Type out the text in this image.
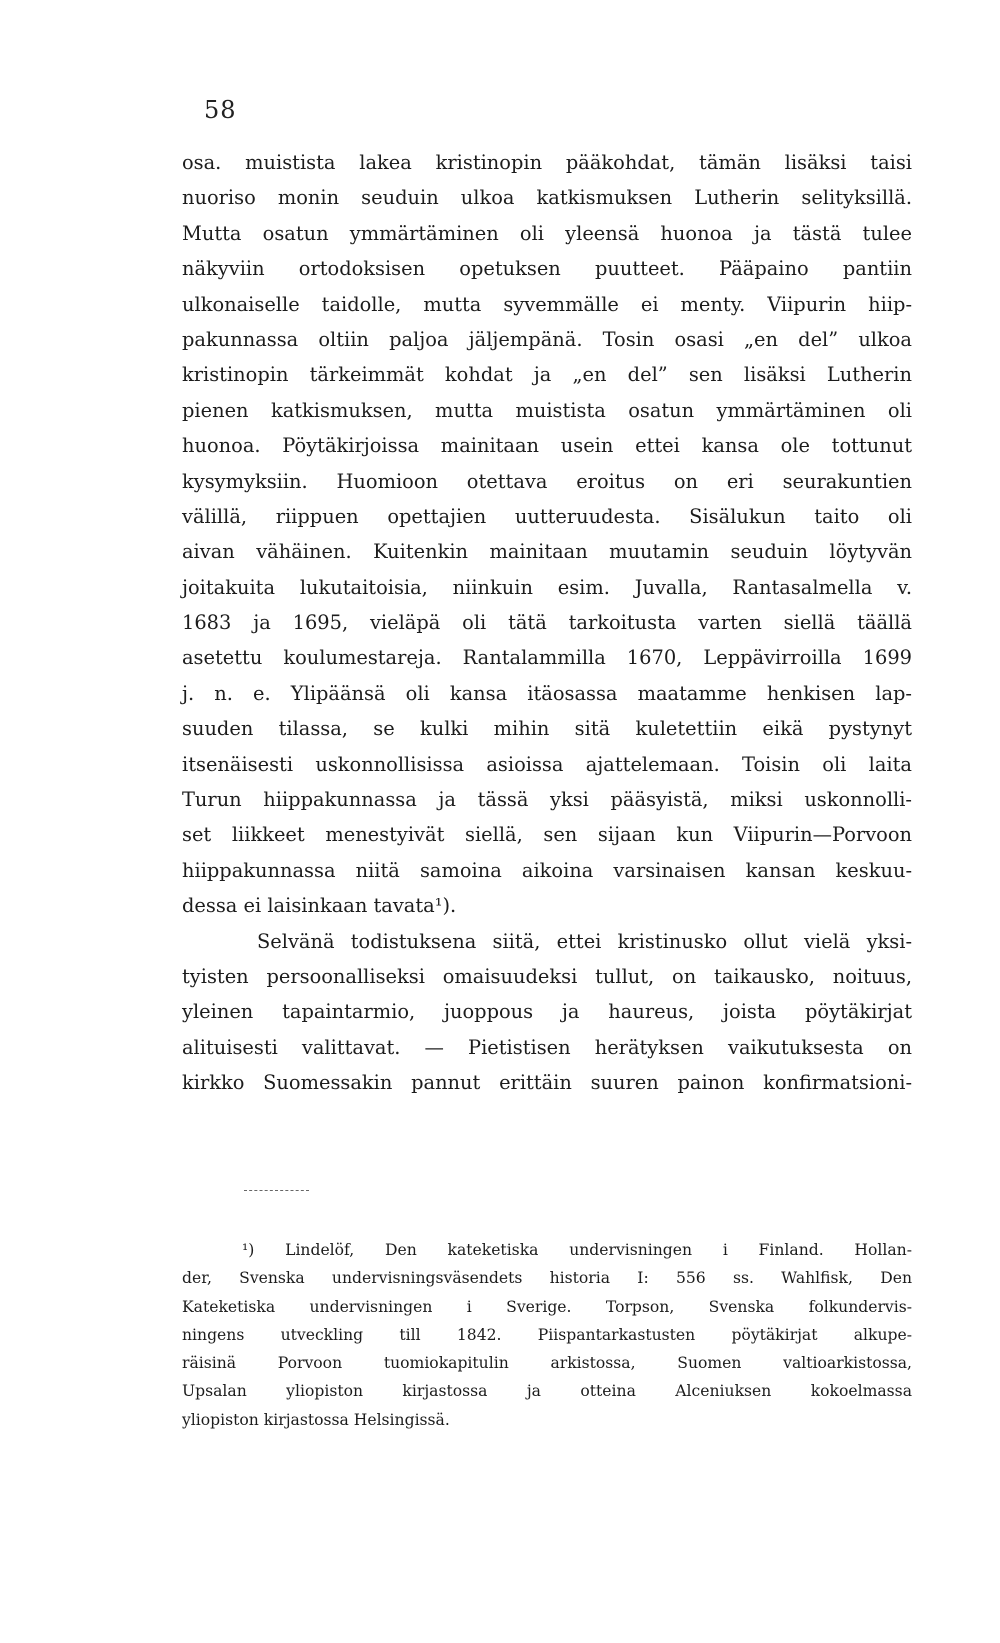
58
osa. muistista lakea kristinopin pääkohdat, tämän lisäksi taisi
nuoriso monin seuduin ulkoa katkismuksen Lutherin selityksillä.
Mutta osatun ymmärtäminen oli yleensä huonoa ja tästä tulee
näkyviin ortodoksisen opetuksen puutteet. Pääpaino pantiin
ulkonaiselle taidolle, mutta syvemmälle ei menty. Viipurin hiip-
pakunnassa oltiin paljoa jäljempänä. Tosin osasi „en del” ulkoa
kristinopin tärkeimmät kohdat ja „en del” sen lisäksi Lutherin
pienen katkismuksen, mutta muistista osatun ymmärtäminen oli
huonoa. Pöytäkirjoissa mainitaan usein ettei kansa ole tottunut
kysymyksiin. Huomioon otettava eroitus on eri seurakuntien
välillä, riippuen opettajien uutteruudesta. Sisälukun taito oli
aivan vähäinen. Kuitenkin mainitaan muutamin seuduin löytyvän
joitakuita lukutaitoisia, niinkuin esim. Juvalla, Rantasalmella v.
1683 ja 1695, vieläpä oli tätä tarkoitusta varten siellä täällä
asetettu koulumestareja. Rantalammilla 1670, Leppävirroilla 1699
j. n. e. Ylipäänsä oli kansa itäosassa maatamme henkisen lap-
suuden tilassa, se kulki mihin sitä kuletettiin eikä pystynyt
itsenäisesti uskonnollisissa asioissa ajattelemaan. Toisin oli laita
Turun hiippakunnassa ja tässä yksi pääsyistä, miksi uskonnolli-
set liikkeet menestyivät siellä, sen sijaan kun Viipurin—Porvoon
hiippakunnassa niitä samoina aikoina varsinaisen kansan keskuu-
dessa ei laisinkaan tavata¹).
Selvänä todistuksena siitä, ettei kristinusko ollut vielä yksi-
tyisten persoonalliseksi omaisuudeksi tullut, on taikausko, noituus,
yleinen tapaintarmio, juoppous ja haureus, joista pöytäkirjat
alituisesti valittavat. — Pietistisen herätyksen vaikutuksesta on
kirkko Suomessakin pannut erittäin suuren painon konfirmatsioni-
¹) Lindelöf, Den kateketiska undervisningen i Finland. Hollan-
der, Svenska undervisningsväsendets historia I: 556 ss. Wahlfisk, Den
Kateketiska undervisningen i Sverige. Torpson, Svenska folkundervis-
ningens utveckling till 1842. Piispantarkastusten pöytäkirjat alkupe-
räisinä Porvoon tuomiokapitulin arkistossa, Suomen valtioarkistossa,
Upsalan yliopiston kirjastossa ja otteina Alceniuksen kokoelmassa
yliopiston kirjastossa Helsingissä.
